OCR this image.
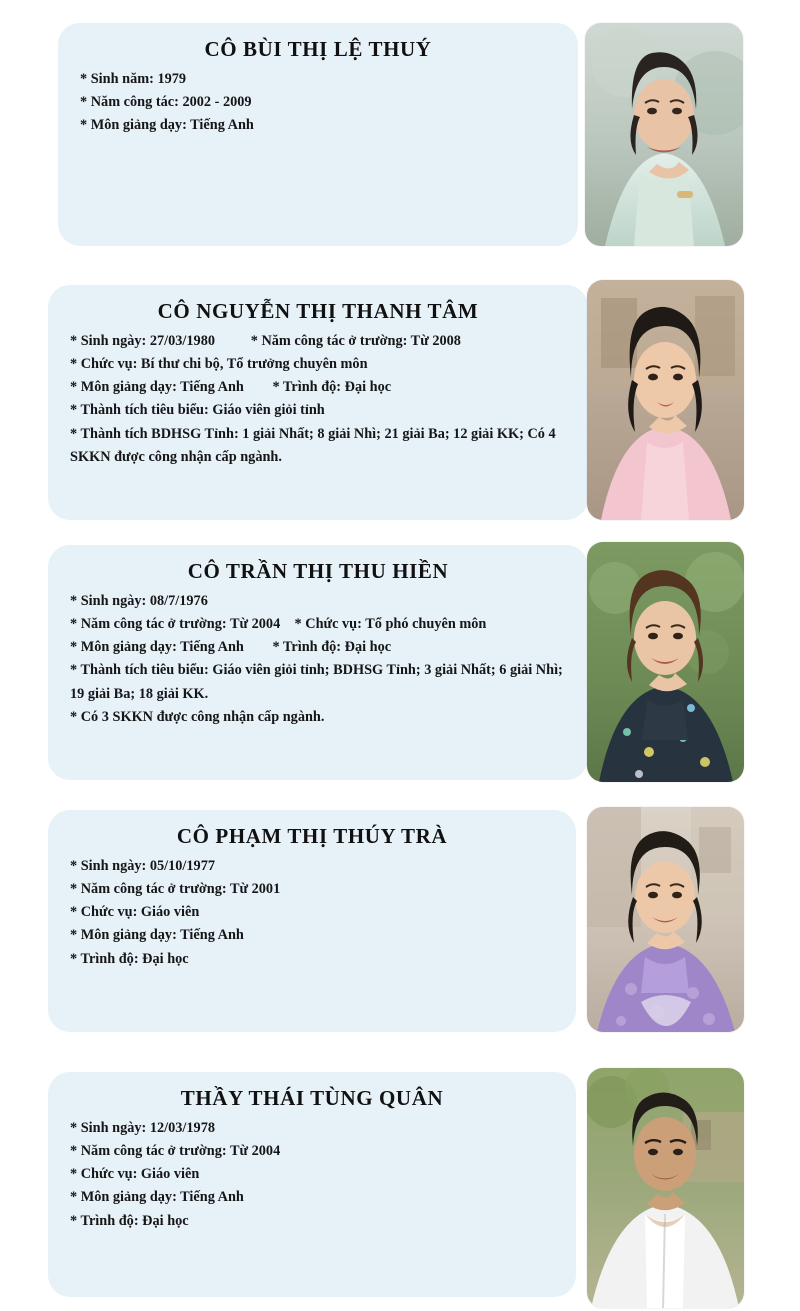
CÔ BÙI THỊ LỆ THUÝ
* Sinh năm: 1979
* Năm công tác: 2002 - 2009
* Môn giảng dạy: Tiếng Anh
CÔ NGUYỄN THỊ THANH TÂM
* Sinh ngày: 27/03/1980          * Năm công tác ở trường: Từ 2008
* Chức vụ: Bí thư chi bộ, Tổ trưởng chuyên môn
* Môn giảng dạy: Tiếng Anh        * Trình độ: Đại học
* Thành tích tiêu biểu: Giáo viên giỏi tỉnh
* Thành tích BDHSG Tỉnh: 1 giải Nhất; 8 giải Nhì; 21 giải Ba; 12 giải KK; Có 4 SKKN được công nhận cấp ngành.
CÔ TRẦN THỊ THU HIỀN
* Sinh ngày: 08/7/1976
* Năm công tác ở trường: Từ 2004    * Chức vụ: Tổ phó chuyên môn
* Môn giảng dạy: Tiếng Anh        * Trình độ: Đại học
* Thành tích tiêu biểu: Giáo viên giỏi tỉnh; BDHSG Tỉnh; 3 giải Nhất; 6 giải Nhì; 19 giải Ba; 18 giải KK.
* Có 3 SKKN được công nhận cấp ngành.
CÔ PHẠM THỊ THÚY TRÀ
* Sinh ngày: 05/10/1977
* Năm công tác ở trường: Từ 2001
* Chức vụ: Giáo viên
* Môn giảng dạy: Tiếng Anh
* Trình độ: Đại học
THẦY THÁI TÙNG QUÂN
* Sinh ngày: 12/03/1978
* Năm công tác ở trường: Từ 2004
* Chức vụ: Giáo viên
* Môn giảng dạy: Tiếng Anh
* Trình độ: Đại học
